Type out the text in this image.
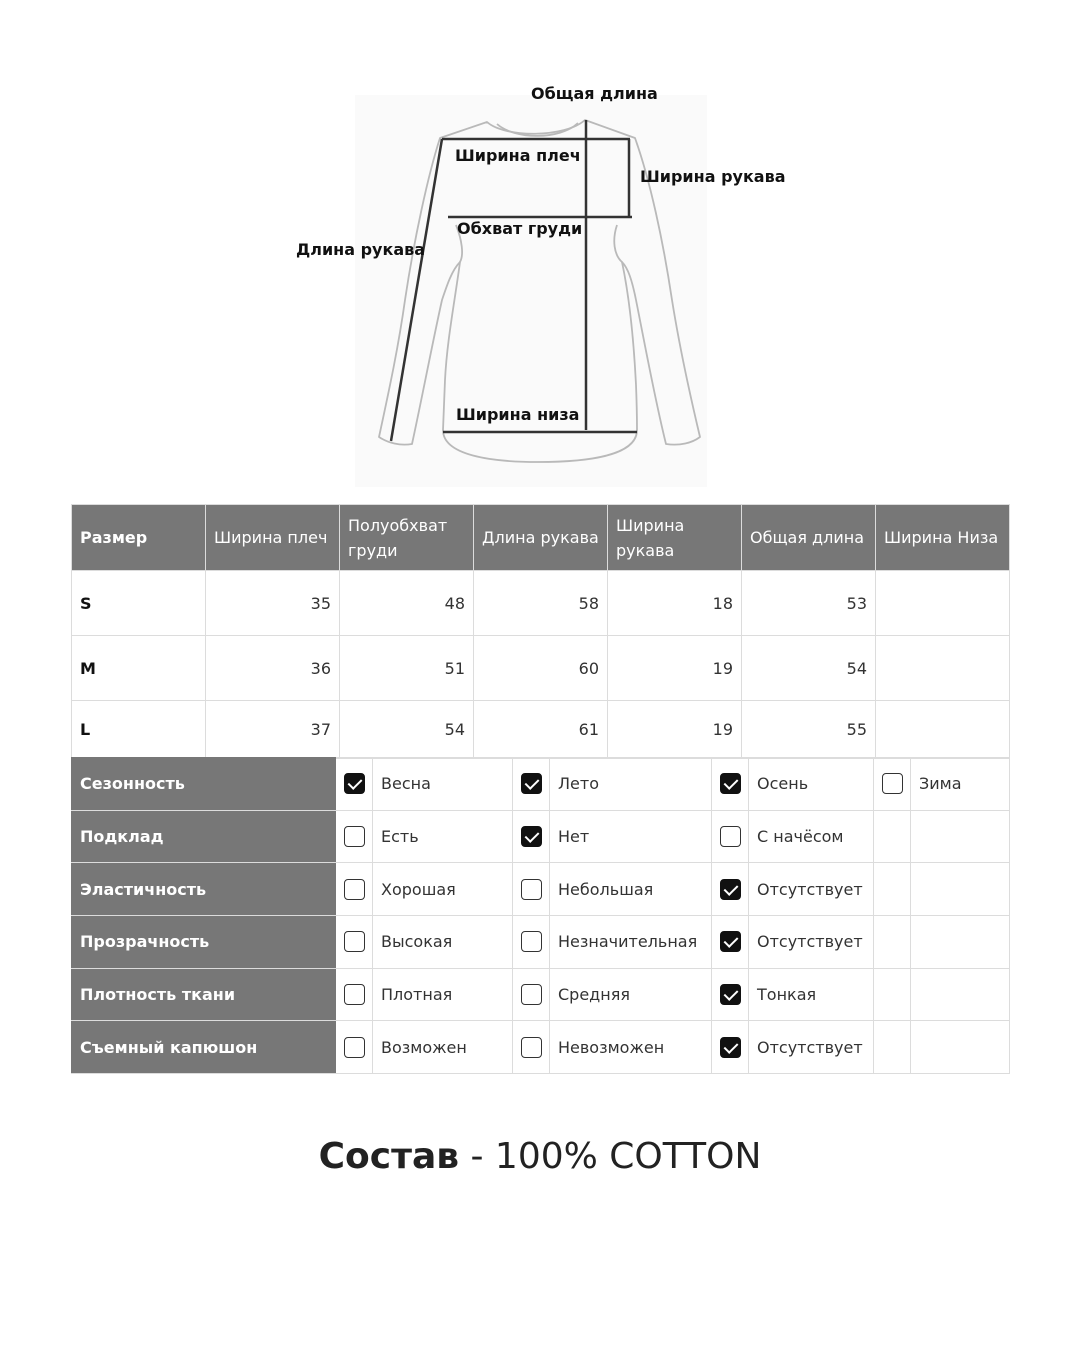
Общая длина
Ширина плеч
Ширина рукава
Обхват груди
Длина рукава
Ширина низа
Размер	Ширина плеч	Полуобхват груди	Длина рукава	Ширина рукава	Общая длина	Ширина Низа
S	35	48	58	18	53	
M	36	51	60	19	54	
L	37	54	61	19	55	
Сезонность		Весна		Лето		Осень		Зима
Подклад		Есть		Нет		С начёсом		
Эластичность		Хорошая		Небольшая		Отсутствует		
Прозрачность		Высокая		Незначительная		Отсутствует		
Плотность ткани		Плотная		Средняя		Тонкая		
Съемный капюшон		Возможен		Невозможен		Отсутствует		
Состав - 100% COTTON
